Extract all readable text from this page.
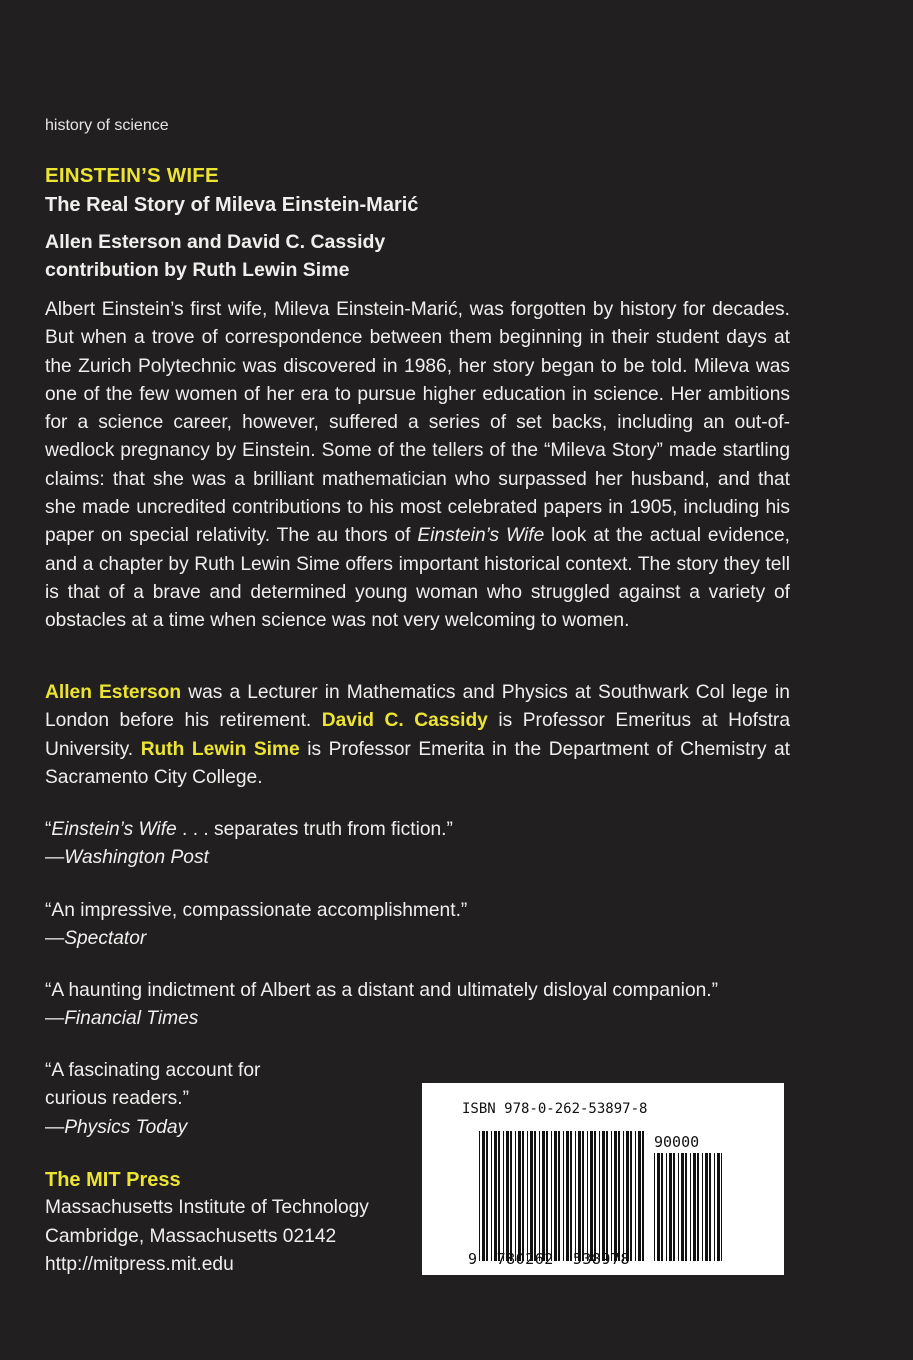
history of science
EINSTEIN’S WIFE
The Real Story of Mileva Einstein-Marić
Allen Esterson and David C. Cassidy
contribution by Ruth Lewin Sime
Albert Einstein’s first wife, Mileva Einstein-Marić, was forgotten by history for decades. But when a trove of correspondence between them beginning in their student days at the Zurich Polytechnic was discovered in 1986, her story began to be told. Mileva was one of the few women of her era to pursue higher education in science. Her ambitions for a science career, however, suffered a series of set backs, including an out-of-wedlock pregnancy by Einstein. Some of the tellers of the “Mileva Story” made startling claims: that she was a brilliant mathematician who surpassed her husband, and that she made uncredited contributions to his most celebrated papers in 1905, including his paper on special relativity. The au thors of Einstein’s Wife look at the actual evidence, and a chapter by Ruth Lewin Sime offers important historical context. The story they tell is that of a brave and determined young woman who struggled against a variety of obstacles at a time when science was not very welcoming to women.
Allen Esterson was a Lecturer in Mathematics and Physics at Southwark Col lege in London before his retirement. David C. Cassidy is Professor Emeritus at Hofstra University. Ruth Lewin Sime is Professor Emerita in the Department of Chemistry at Sacramento City College.
“Einstein’s Wife . . . separates truth from fiction.”
—Washington Post
“An impressive, compassionate accomplishment.”
—Spectator
“A haunting indictment of Albert as a distant and ultimately disloyal companion.”
—Financial Times
“A fascinating account for curious readers.”
—Physics Today
The MIT Press
Massachusetts Institute of Technology
Cambridge, Massachusetts 02142
http://mitpress.mit.edu
ISBN 978-0-262-53897-8
90000
9 780262 538978
